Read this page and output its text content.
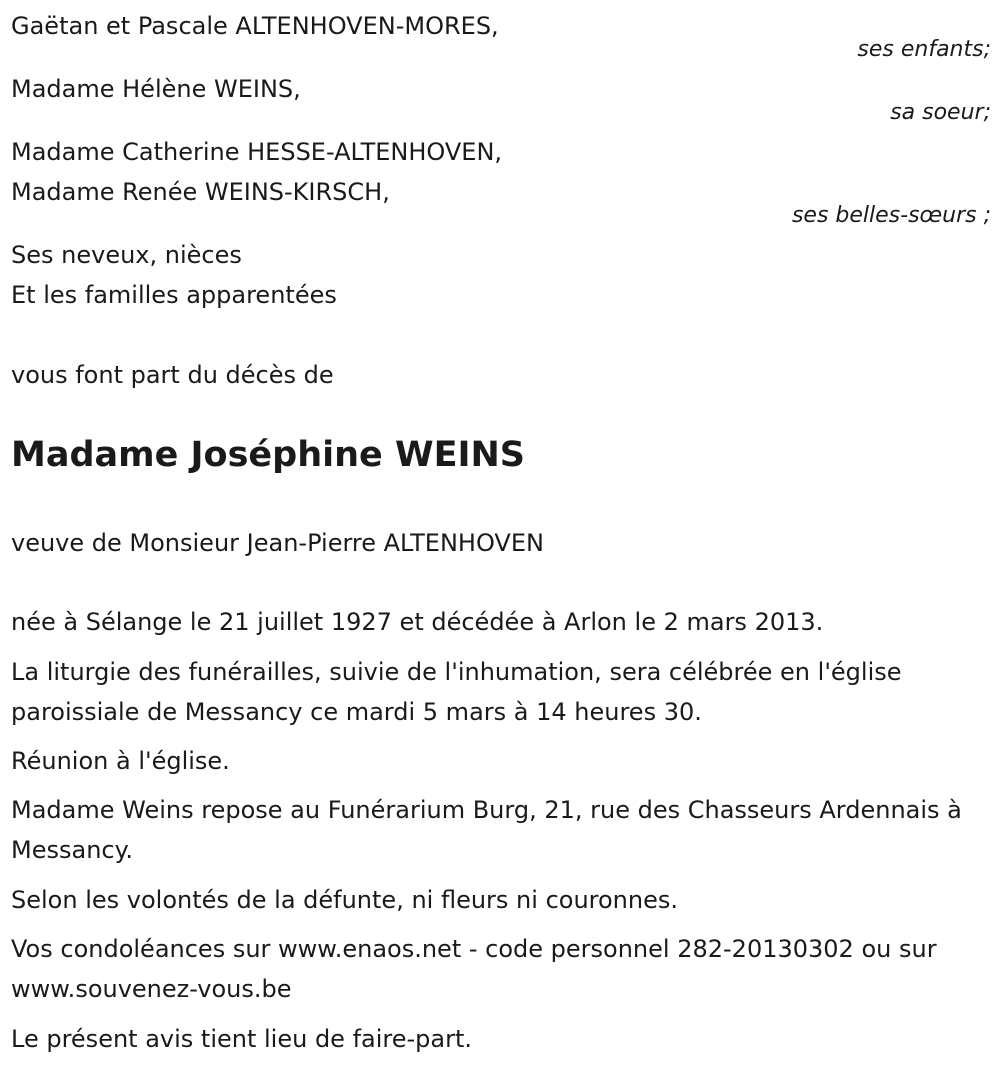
Gaëtan et Pascale ALTENHOVEN-MORES,
ses enfants;
Madame Hélène WEINS,
sa soeur;
Madame Catherine HESSE-ALTENHOVEN,
Madame Renée WEINS-KIRSCH,
ses belles-sœurs ;
Ses neveux, nièces
Et les familles apparentées
vous font part du décès de
Madame Joséphine WEINS
veuve de Monsieur Jean-Pierre ALTENHOVEN
née à Sélange le 21 juillet 1927 et décédée à Arlon le 2 mars 2013.
La liturgie des funérailles, suivie de l'inhumation, sera célébrée en l'église paroissiale de Messancy ce mardi 5 mars à 14 heures 30.
Réunion à l'église.
Madame Weins repose au Funérarium Burg, 21, rue des Chasseurs Ardennais à Messancy.
Selon les volontés de la défunte, ni fleurs ni couronnes.
Vos condoléances sur www.enaos.net - code personnel 282-20130302 ou sur www.souvenez-vous.be
Le présent avis tient lieu de faire-part.
